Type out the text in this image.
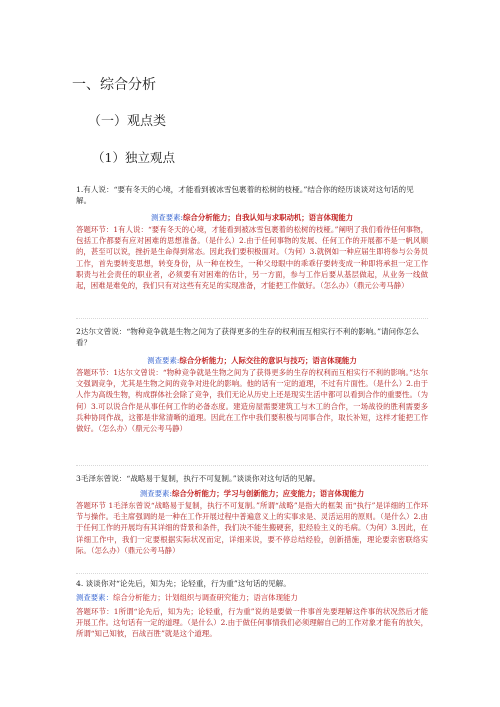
一、综合分析
（一）观点类
（1）独立观点

1.有人说：“要有冬天的心境，才能看到被冰雪包裹着的松树的枝桠。”结合你的经历谈谈对这句话的见解。

测查要素:综合分析能力；自我认知与求职动机；语言体现能力

答题环节：1有人说：“要有冬天的心境，才能看到被冰雪包裹着的松树的枝桠。”阐明了我们看待任何事物，包括工作都要有应对困难的思想准备。（是什么）2.由于任何事物的发展、任何工作的开展都不是一帆风顺的，甚至可以说，挫折是生命得到常态。因此我们要积极面对。（为何）3.就例如一种应届生即将参与公务员工作，首先要转变思想，转变身份，从一种在校生，一种父母眼中的乖乖仔要转变成一种即将承担一定工作职责与社会责任的职业者，必须要有对困难的估计，另一方面，参与工作后要从基层做起，从业务一线做起，困难是难免的，我们只有对这些有充足的实现准备，才能把工作做好。（怎么办）（鼎元公考马静）

2达尔文曾说：“物种竞争就是生物之间为了获得更多的生存的权利而互相实行不利的影响。”请问你怎么看？

测查要素:综合分析能力；人际交往的意识与技巧；语言体现能力

答题环节：1达尔文曾说：“物种竞争就是生物之间为了获得更多的生存的权利而互相实行不利的影响。”达尔文强调竞争，尤其是生物之间的竞争对进化的影响。他的话有一定的道理，不过有片面性。（是什么）2.由于人作为高级生物，构成群体社会除了竞争，我们无论从历史上还是现实生活中都可以看到合作的重要性。（为何）3.可以说合作是从事任何工作的必备态度。建造房屋需要建筑工与木工的合作，一场战役的胜利需要多兵种协同作战，这都是非常清晰的道理。因此在工作中我们要积极与同事合作，取长补短，这样才能把工作做好。（怎么办）（鼎元公考马静）

3毛泽东曾说：“战略易于复制，执行不可复制。”谈谈你对这句话的见解。

测查要素:综合分析能力；学习与创新能力；应变能力；语言体现能力

答题环节 1毛泽东曾说“战略易于复制，执行不可复制。”所谓“战略”是指大的框架 而“执行”是详细的工作环节与操作。毛主席强调的是一种在工作开展过程中普遍意义上的实事求是、灵活运用的原则。（是什么）2.由于任何工作的开展均有其详细的背景和条件，我们决不能生搬硬套，犯经验主义的毛病。（为何）3.因此，在详细工作中，我们一定要根据实际状况而定，详细来说，要不停总结经验，创新措施，理论要亲密联络实际。（怎么办）（鼎元公考马静）

4. 谈谈你对“论先后，知为先；论轻重，行为重”这句话的见解。

测查要素：综合分析能力；计划组织与调查研究能力；语言体现能力

答题环节：1所谓“论先后，知为先；论轻重，行为重”说的是要做一件事首先要理解这件事的状况然后才能开展工作。这句话有一定的道理。（是什么）2.由于做任何事情我们必须理解自己的工作对象才能有的放矢，所谓“知己知彼，百战百胜”就是这个道理。
